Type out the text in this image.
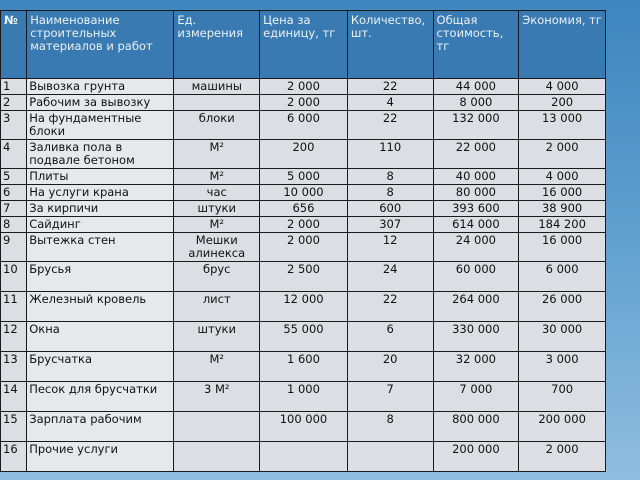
№	Наименование строительных материалов и работ	Ед. измерения	Цена за единицу, тг	Количество, шт.	Общая стоимость, тг	Экономия, тг
1	Вывозка грунта	машины	2 000	22	44 000	4 000
2	Рабочим за вывозку		2 000	4	8 000	200
3	На фундаментные блоки	блоки	6 000	22	132 000	13 000
4	Заливка пола в подвале бетоном	М²	200	110	22 000	2 000
5	Плиты	М²	5 000	8	40 000	4 000
6	На услуги крана	час	10 000	8	80 000	16 000
7	За кирпичи	штуки	656	600	393 600	38 900
8	Сайдинг	М²	2 000	307	614 000	184 200
9	Вытежка стен	Мешки алинекса	2 000	12	24 000	16 000
10	Брусья	брус	2 500	24	60 000	6 000
11	Железный кровель	лист	12 000	22	264 000	26 000
12	Окна	штуки	55 000	6	330 000	30 000
13	Брусчатка	М²	1 600	20	32 000	3 000
14	Песок для брусчатки	3 М²	1 000	7	7 000	700
15	Зарплата рабочим		100 000	8	800 000	200 000
16	Прочие услуги				200 000	2 000
